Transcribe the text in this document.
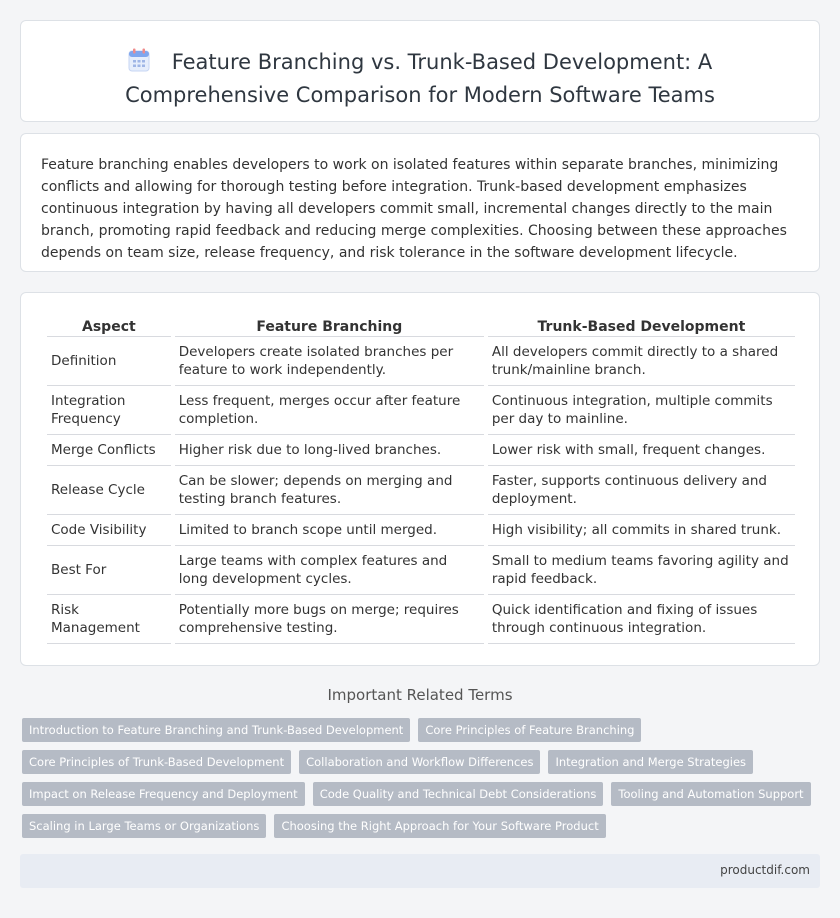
Feature Branching vs. Trunk-Based Development: A Comprehensive Comparison for Modern Software Teams

Feature branching enables developers to work on isolated features within separate branches, minimizing conflicts and allowing for thorough testing before integration. Trunk-based development emphasizes continuous integration by having all developers commit small, incremental changes directly to the main branch, promoting rapid feedback and reducing merge complexities. Choosing between these approaches depends on team size, release frequency, and risk tolerance in the software development lifecycle.

Aspect	Feature Branching	Trunk-Based Development
Definition	Developers create isolated branches per feature to work independently.	All developers commit directly to a shared trunk/mainline branch.
Integration Frequency	Less frequent, merges occur after feature completion.	Continuous integration, multiple commits per day to mainline.
Merge Conflicts	Higher risk due to long-lived branches.	Lower risk with small, frequent changes.
Release Cycle	Can be slower; depends on merging and testing branch features.	Faster, supports continuous delivery and deployment.
Code Visibility	Limited to branch scope until merged.	High visibility; all commits in shared trunk.
Best For	Large teams with complex features and long development cycles.	Small to medium teams favoring agility and rapid feedback.
Risk Management	Potentially more bugs on merge; requires comprehensive testing.	Quick identification and fixing of issues through continuous integration.
Important Related Terms
Introduction to Feature Branching and Trunk-Based Development	Core Principles of Feature Branching
Core Principles of Trunk-Based Development	Collaboration and Workflow Differences	Integration and Merge Strategies
Impact on Release Frequency and Deployment	Code Quality and Technical Debt Considerations	Tooling and Automation Support
Scaling in Large Teams or Organizations	Choosing the Right Approach for Your Software Product
productdif.com
